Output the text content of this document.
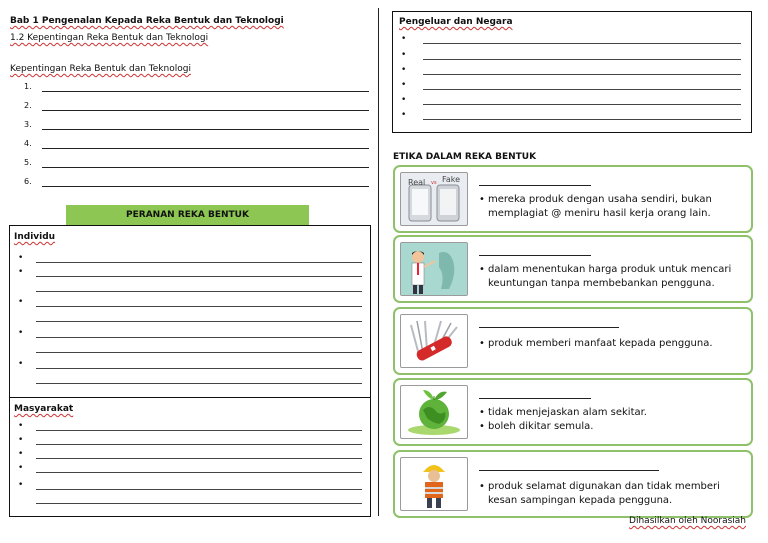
Bab 1 Pengenalan Kepada Reka Bentuk dan Teknologi
1.2 Kepentingan Reka Bentuk dan Teknologi
Kepentingan Reka Bentuk dan Teknologi
1.
2.
3.
4.
5.
6.
PERANAN REKA BENTUK
Individu
•
•
•
•
•
Masyarakat
•
•
•
•
•
Pengeluar dan Negara
•
•
•
•
•
•
ETIKA DALAM REKA BENTUK
Real vs Fake
• mereka produk dengan usaha sendiri, bukan
memplagiat @ meniru hasil kerja orang lain.
• dalam menentukan harga produk untuk mencari
keuntungan tanpa membebankan pengguna.
• produk memberi manfaat kepada pengguna.
• tidak menjejaskan alam sekitar.
• boleh dikitar semula.
• produk selamat digunakan dan tidak memberi
kesan sampingan kepada pengguna.
Dihasilkan oleh Noorasiah
